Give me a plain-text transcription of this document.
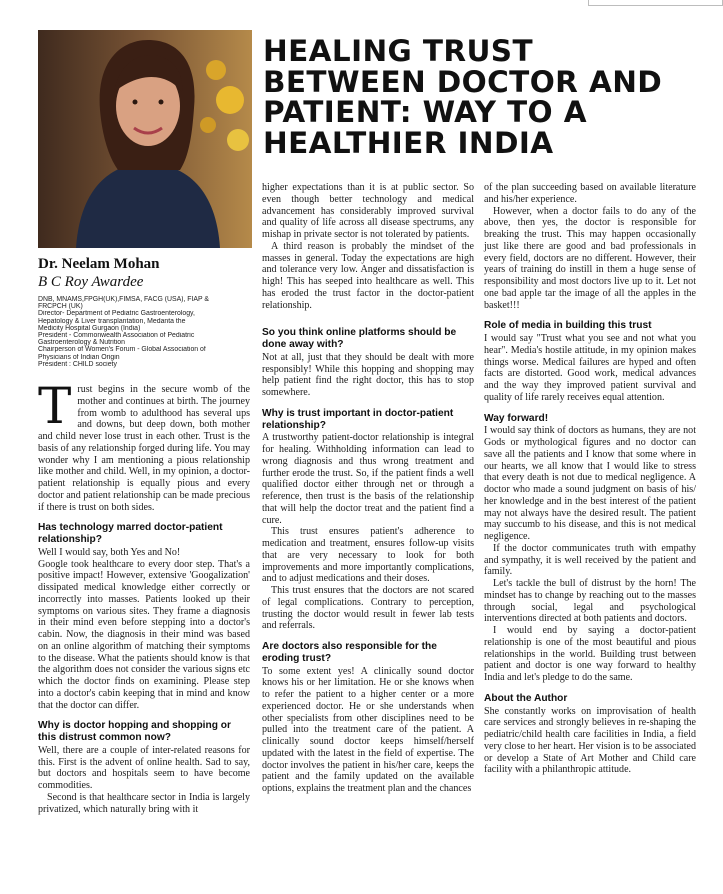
HEALING TRUST BETWEEN DOCTOR AND PATIENT: WAY TO A HEALTHIER INDIA
Dr. Neelam Mohan
B C Roy Awardee
DNB, MNAMS,FPGH(UK),FIMSA, FACG (USA), FIAP &
FRCPCH (UK)
Director- Department of Pediatric Gastroenterology,
Hepatology & Liver transplantation, Medanta the
Medicity Hospital Gurgaon (India)
President - Commonwealth Association of Pediatric
Gastroenterology & Nutrition
Chairperson of Women's Forum - Global Association of
Physicians of Indian Origin
President : CHILD society

Trust begins in the secure womb of the mother and continues at birth. The journey from womb to adulthood has several ups and downs, but deep down, both mother and child never lose trust in each other. Trust is the basis of any relationship forged during life. You may wonder why I am mentioning a pious relationship like mother and child. Well, in my opinion, a doctor-patient relationship is equally pious and every doctor and patient relationship can be made precious if there is trust on both sides.

Has technology marred doctor-patient relationship?

Well I would say, both Yes and No!

Google took healthcare to every door step. That's a positive impact! However, extensive 'Googalization' dissipated medical knowledge either correctly or incorrectly into masses. Patients looked up their symptoms on various sites. They frame a diagnosis in their mind even before stepping into a doctor's cabin. Now, the diagnosis in their mind was based on an online algorithm of matching their symptoms to the disease. What the patients should know is that the algorithm does not consider the various signs etc which the doctor finds on examining. Please step into a doctor's cabin keeping that in mind and know that the doctor can differ.

Why is doctor hopping and shopping or this distrust common now?

Well, there are a couple of inter-related reasons for this. First is the advent of online health. Sad to say, but doctors and hospitals seem to have become commodities.

Second is that healthcare sector in India is largely privatized, which naturally bring with it

higher expectations than it is at public sector. So even though better technology and medical advancement has considerably improved survival and quality of life across all disease spectrums, any mishap in private sector is not tolerated by patients.

A third reason is probably the mindset of the masses in general. Today the expectations are high and tolerance very low. Anger and dissatisfaction is high! This has seeped into healthcare as well. This has eroded the trust factor in the doctor-patient relationship.

So you think online platforms should be done away with?

Not at all, just that they should be dealt with more responsibly! While this hopping and shopping may help patient find the right doctor, this has to stop somewhere.

Why is trust important in doctor-patient relationship?

A trustworthy patient-doctor relationship is integral for healing. Withholding information can lead to wrong diagnosis and thus wrong treatment and further erode the trust. So, if the patient finds a well qualified doctor either through net or through a reference, then trust is the basis of the relationship that will help the doctor treat and the patient find a cure.

This trust ensures patient's adherence to medication and treatment, ensures follow-up visits that are very necessary to look for both improvements and more importantly complications, and to adjust medications and their doses.

This trust ensures that the doctors are not scared of legal complications. Contrary to perception, trusting the doctor would result in fewer lab tests and referrals.

Are doctors also responsible for the eroding trust?

To some extent yes! A clinically sound doctor knows his or her limitation. He or she knows when to refer the patient to a higher center or a more experienced doctor. He or she understands when other specialists from other disciplines need to be pulled into the treatment care of the patient. A clinically sound doctor keeps himself/herself updated with the latest in the field of expertise. The doctor involves the patient in his/her care, keeps the patient and the family updated on the available options, explains the treatment plan and the chances

of the plan succeeding based on available literature and his/her experience.

However, when a doctor fails to do any of the above, then yes, the doctor is responsible for breaking the trust. This may happen occasionally just like there are good and bad professionals in every field, doctors are no different. However, their years of training do instill in them a huge sense of responsibility and most doctors live up to it. Let not one bad apple tar the image of all the apples in the basket!!!

Role of media in building this trust

I would say "Trust what you see and not what you hear". Media's hostile attitude, in my opinion makes things worse. Medical failures are hyped and often facts are distorted. Good work, medical advances and the way they improved patient survival and quality of life rarely receives equal attention.

Way forward!

I would say think of doctors as humans, they are not Gods or mythological figures and no doctor can save all the patients and I know that some where in our hearts, we all know that I would like to stress that every death is not due to medical negligence. A doctor who made a sound judgment on basis of his/ her knowledge and in the best interest of the patient may not always have the desired result. The patient may succumb to his disease, and this is not medical negligence.

If the doctor communicates truth with empathy and sympathy, it is well received by the patient and family.

Let's tackle the bull of distrust by the horn! The mindset has to change by reaching out to the masses through social, legal and psychological interventions directed at both patients and doctors.

I would end by saying a doctor-patient relationship is one of the most beautiful and pious relationships in the world. Building trust between patient and doctor is one way forward to healthy India and let's pledge to do the same.

About the Author

She constantly works on improvisation of health care services and strongly believes in re-shaping the pediatric/child health care facilities in India, a field very close to her heart. Her vision is to be associated or develop a State of Art Mother and Child care facility with a philanthropic attitude.
